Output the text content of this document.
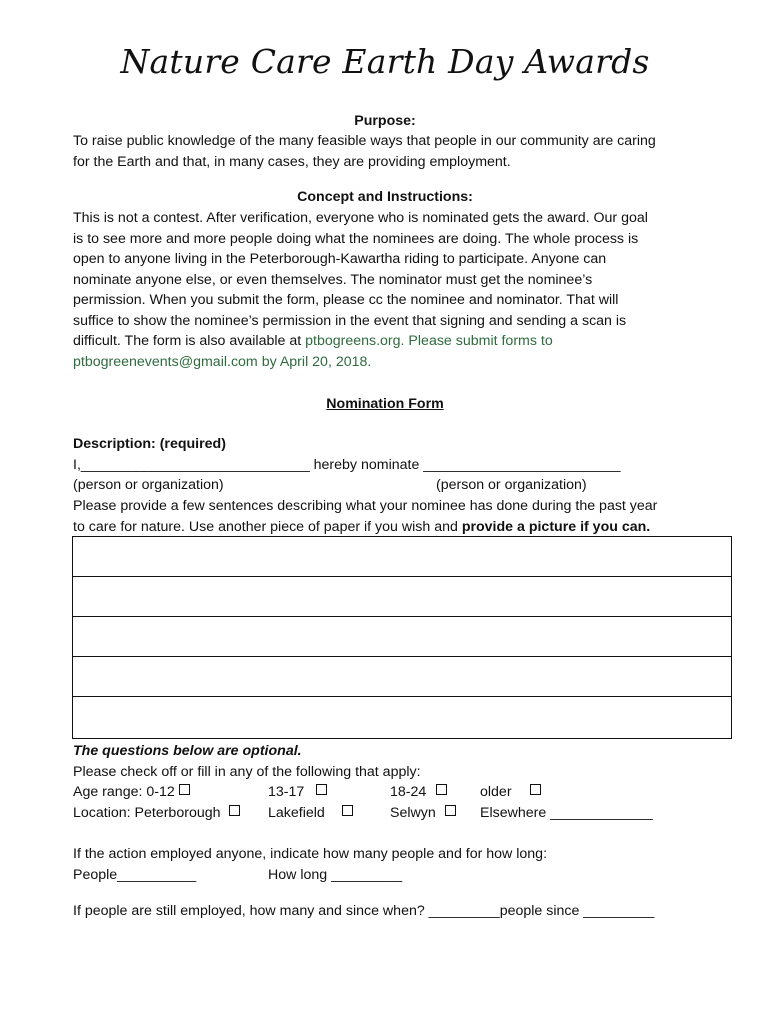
Nature Care Earth Day Awards
Purpose:
To raise public knowledge of the many feasible ways that people in our community are caring
for the Earth and that, in many cases, they are providing employment.
Concept and Instructions:
This is not a contest. After verification, everyone who is nominated gets the award. Our goal
is to see more and more people doing what the nominees are doing. The whole process is
open to anyone living in the Peterborough-Kawartha riding to participate. Anyone can
nominate anyone else, or even themselves. The nominator must get the nominee’s
permission. When you submit the form, please cc the nominee and nominator. That will
suffice to show the nominee’s permission in the event that signing and sending a scan is
difficult. The form is also available at ptbogreens.org. Please submit forms to
ptbogreenevents@gmail.com by April 20, 2018.
Nomination Form
Description: (required)
I,_____________________________ hereby nominate _________________________
(person or organization)	(person or organization)
Please provide a few sentences describing what your nominee has done during the past year
to care for nature. Use another piece of paper if you wish and provide a picture if you can.
The questions below are optional.
Please check off or fill in any of the following that apply:
Age range: 0-12	13-17	18-24	older
Location: Peterborough	Lakefield	Selwyn	Elsewhere _____________
If the action employed anyone, indicate how many people and for how long:
People__________	How long _________
If people are still employed, how many and since when? _________people since _________
